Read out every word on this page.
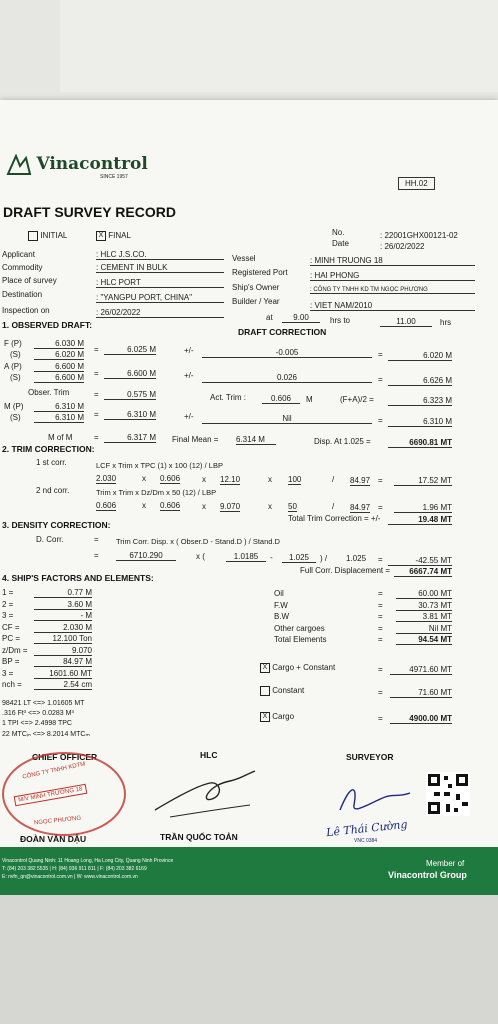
Vinacontrol
SINCE 1957
HH.02
DRAFT SURVEY RECORD
INITIAL	X FINAL	No.	: 22001GHX00121-02
Date	: 26/02/2022
Applicant	: HLC J.S.CO.
Commodity	: CEMENT IN BULK
Place of survey	: HLC PORT
Destination	: "YANGPU PORT, CHINA"
Inspection on	: 26/02/2022
Vessel	: MINH TRUONG 18
Registered Port	: HAI PHONG
Ship's Owner	: CÔNG TY TNHH KD TM NGỌC PHƯƠNG
Builder / Year	: VIET NAM/2010
at	9.00	hrs to	11.00	hrs
1. OBSERVED DRAFT:
DRAFT CORRECTION
F (P)	6.030 M
(S)	6.020 M
=	6.025 M	+/-	-0.005	=	6.020 M
A (P)	6.600 M
(S)	6.600 M =	6.600 M	+/-	0.026	=	6.626 M
Obser. Trim	=	0.575 M	Act. Trim :	0.606	M	(F+A)/2 =	6.323 M
M (P)	6.310 M
(S)	6.310 M =	6.310 M	+/-	Nil	=	6.310 M
M of M	=	6.317 M Final Mean = 6.314 M	Disp. At 1.025 =	6690.81 MT
2. TRIM CORRECTION:
1 st corr.	LCF x Trim x TPC (1) x 100 (12) / LBP
2.030	x 0.606	x 12.10	x 100	/ 84.97 =	17.52 MT
2 nd corr.	Trim x Trim x Dz/Dm x 50 (12) / LBP
0.606	x 0.606	x 9.070	x 50	/ 84.97 =	1.96 MT
Total Trim Correction = +/-	19.48 MT
3. DENSITY CORRECTION:
D. Corr.	= Trim Corr. Disp. x ( Obser.D - Stand.D ) / Stand.D
=	6710.290	x (	1.0185	-	1.025	) / 1.025 =	-42.55 MT
Full Corr. Displacement =	6667.74 MT
4. SHIP'S FACTORS AND ELEMENTS:
1 =	0.77 M
2 =	3.60 M
3 =	- M
CF =	2.030 M
PC =	12.100 Ton
z/Dm =	9.070
BP =	84.97 M
3 =	1601.60 MT
nch =	2.54 cm
98421 LT <=> 1.01605 MT
.316 Ft³ <=> 0.0283 M³
1 TPI <=> 2.4998 TPC
22 MTCᵢₙ <=> 8.2014 MTCₘ
Oil	=	60.00 MT
F.W	=	30.73 MT
B.W	=	3.81 MT
Other cargoes	=	Nil MT
Total Elements	=	94.54 MT
X Cargo + Constant	=	4971.60 MT
Constant	=	71.60 MT
X Cargo	=	4900.00 MT
CHIEF OFFICER	HLC	SURVEYOR
CÔNG TY TNHH KDTM
M/V MINH TRƯỜNG 18
NGỌC PHƯƠNG
ĐOÀN VĂN DẬU	TRẦN QUỐC TOẢN	Lê Thái Cường
VNC 0384
Vinacontrol Quang Ninh: 11 Hoang Long, Ha Long City, Quang Ninh Province
T: (84) 203 382 5535 | H: (84) 936 911 811 | F: (84) 203 382 6169
E: nvfn_qn@vinacontrol.com.vn | W: www.vinacontrol.com.vn
Member of
Vinacontrol Group
